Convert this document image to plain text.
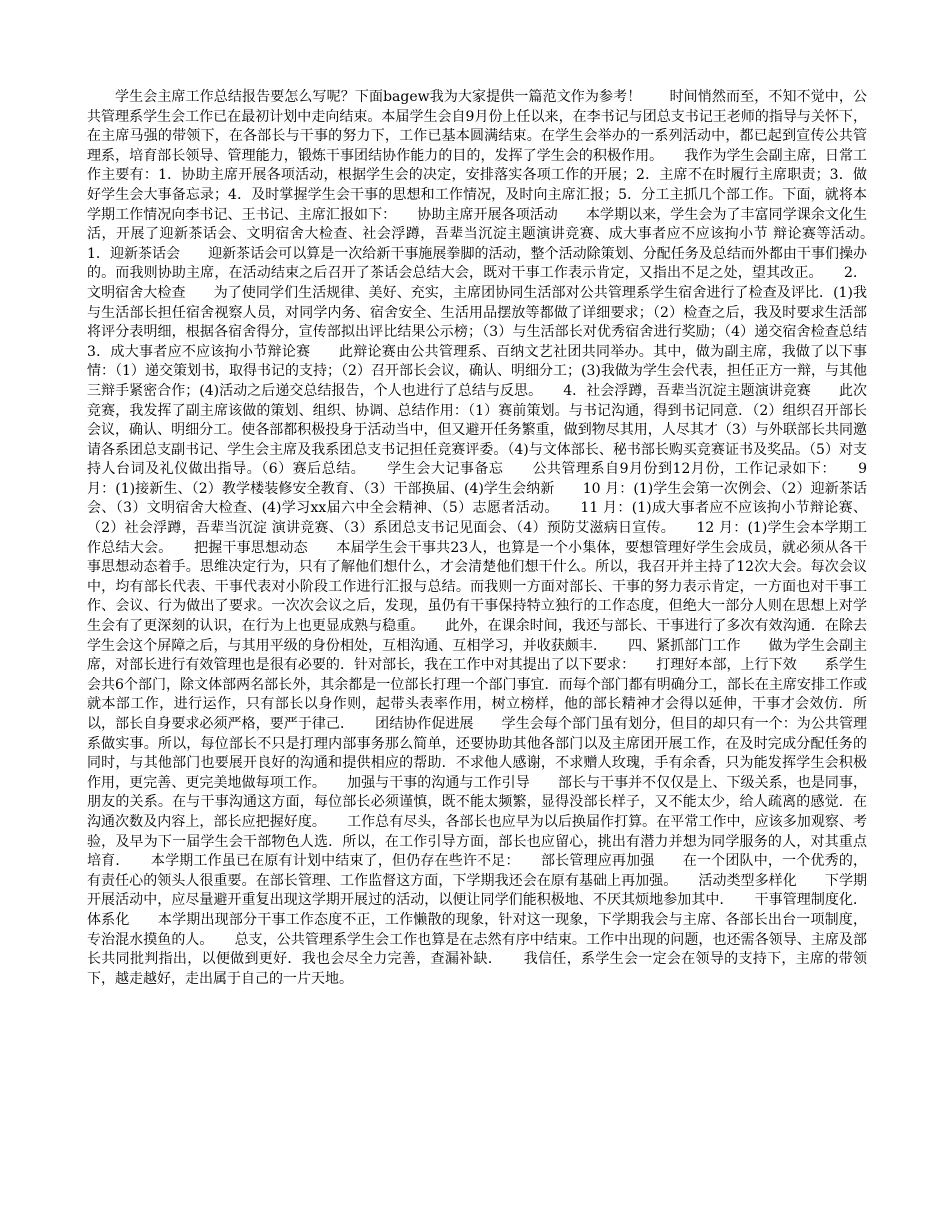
学生会主席工作总结报告要怎么写呢？下面bagew我为大家提供一篇范文作为参考！　　时间悄然而至，不知不觉中，公共管理系学生会工作已在最初计划中走向结束。本届学生会自9月份上任以来，在李书记与团总支书记王老师的指导与关怀下，在主席马强的带领下，在各部长与干事的努力下，工作已基本圆满结束。在学生会举办的一系列活动中，都已起到宣传公共管理系，培育部长领导、管理能力，锻炼干事团结协作能力的目的，发挥了学生会的积极作用。　　我作为学生会副主席，日常工作主要有：1．协助主席开展各项活动，根据学生会的决定，安排落实各项工作的开展；2．主席不在时履行主席职责；3．做好学生会大事备忘录；4．及时掌握学生会干事的思想和工作情况，及时向主席汇报；5．分工主抓几个部工作。下面，就将本学期工作情况向李书记、王书记、主席汇报如下：　　协助主席开展各项活动　　本学期以来，学生会为了丰富同学课余文化生活，开展了迎新茶话会、文明宿舍大检查、社会浮蹲，吾辈当沉淀主题演讲竞赛、成大事者应不应该拘小节 辩论赛等活动。　　1．迎新茶话会　　迎新茶话会可以算是一次给新干事施展拳脚的活动，整个活动除策划、分配任务及总结而外都由干事们操办的。而我则协助主席，在活动结束之后召开了茶话会总结大会，既对干事工作表示肯定，又指出不足之处，望其改正。　　2．文明宿舍大检查　　为了使同学们生活规律、美好、充实，主席团协同生活部对公共管理系学生宿舍进行了检查及评比．(1)我与生活部长担任宿舍视察人员，对同学内务、宿舍安全、生活用品摆放等都做了详细要求；（2）检查之后，我及时要求生活部将评分表明细，根据各宿舍得分，宣传部拟出评比结果公示榜；（3）与生活部长对优秀宿舍进行奖励；（4）递交宿舍检查总结　　3．成大事者应不应该拘小节辩论赛　　此辩论赛由公共管理系、百纳文艺社团共同举办。其中，做为副主席，我做了以下事情：（1）递交策划书，取得书记的支持；（2）召开部长会议，确认、明细分工；(3)我做为学生会代表，担任正方一辩，与其他三辩手紧密合作；(4)活动之后递交总结报告，个人也进行了总结与反思。　　4．社会浮蹲，吾辈当沉淀主题演讲竞赛　　此次竞赛，我发挥了副主席该做的策划、组织、协调、总结作用：（1）赛前策划。与书记沟通，得到书记同意．（2）组织召开部长会议，确认、明细分工。使各部都积极投身于活动当中，但又避开任务繁重，做到物尽其用，人尽其才（3）与外联部长共同邀请各系团总支副书记、学生会主席及我系团总支书记担任竞赛评委。（4)与文体部长、秘书部长购买竞赛证书及奖品。（5）对支持人台词及礼仪做出指导。（6）赛后总结。　　学生会大记事备忘　　公共管理系自9月份到12月份，工作记录如下：　　9 月：(1)接新生、（2）教学楼装修安全教育、（3）干部换届、(4)学生会纳新　　10 月：(1)学生会第一次例会、（2）迎新茶话会、（3）文明宿舍大检查、(4)学习xx届六中全会精神、（5）志愿者活动。　　11 月：(1)成大事者应不应该拘小节辩论赛、（2）社会浮蹲，吾辈当沉淀 演讲竞赛、（3）系团总支书记见面会、（4）预防艾滋病日宣传。　　12 月：(1)学生会本学期工作总结大会。　　把握干事思想动态　　本届学生会干事共23人，也算是一个小集体，要想管理好学生会成员，就必须从各干事思想动态着手。思维决定行为，只有了解他们想什么，才会清楚他们想干什么。所以，我召开并主持了12次大会。每次会议中，均有部长代表、干事代表对小阶段工作进行汇报与总结。而我则一方面对部长、干事的努力表示肯定，一方面也对干事工作、会议、行为做出了要求。一次次会议之后，发现，虽仍有干事保持特立独行的工作态度，但绝大一部分人则在思想上对学生会有了更深刻的认识，在行为上也更显成熟与稳重。　　此外，在课余时间，我还与部长、干事进行了多次有效沟通．在除去学生会这个屏障之后，与其用平级的身份相处，互相沟通、互相学习，并收获颇丰．　　四、紧抓部门工作　　做为学生会副主席，对部长进行有效管理也是很有必要的．针对部长，我在工作中对其提出了以下要求：　　打理好本部，上行下效　　系学生会共6个部门，除文体部两名部长外，其余都是一位部长打理一个部门事宜．而每个部门都有明确分工，部长在主席安排工作或就本部工作，进行运作，只有部长以身作则，起带头表率作用，树立榜样，他的部长精神才会得以延伸，干事才会效仿．所以，部长自身要求必须严格，要严于律己．　　团结协作促进展　　学生会每个部门虽有划分，但目的却只有一个：为公共管理系做实事。所以，每位部长不只是打理内部事务那么简单，还要协助其他各部门以及主席团开展工作，在及时完成分配任务的同时，与其他部门也要展开良好的沟通和提供相应的帮助．不求他人感谢，不求赠人玫瑰，手有余香，只为能发挥学生会积极作用，更完善、更完美地做每项工作。　　加强与干事的沟通与工作引导　　部长与干事并不仅仅是上、下级关系，也是同事，朋友的关系。在与干事沟通这方面，每位部长必须谨慎，既不能太频繁，显得没部长样子，又不能太少，给人疏离的感觉．在沟通次数及内容上，部长应把握好度。　　工作总有尽头，各部长也应早为以后换届作打算。在平常工作中，应该多加观察、考验，及早为下一届学生会干部物色人选．所以，在工作引导方面，部长也应留心，挑出有潜力并想为同学服务的人，对其重点培育．　　本学期工作虽已在原有计划中结束了，但仍存在些许不足：　　部长管理应再加强　　在一个团队中，一个优秀的，有责任心的领头人很重要。在部长管理、工作监督这方面，下学期我还会在原有基础上再加强。　　活动类型多样化　　下学期开展活动中，应尽量避开重复出现这学期开展过的活动，以便让同学们能积极地、不厌其烦地参加其中．　　干事管理制度化．体系化　　本学期出现部分干事工作态度不正，工作懒散的现象，针对这一现象，下学期我会与主席、各部长出台一项制度，专治混水摸鱼的人。　　总支，公共管理系学生会工作也算是在忐然有序中结束。工作中出现的问题，也还需各领导、主席及部长共同批判指出，以便做到更好．我也会尽全力完善，查漏补缺．　　我信任，系学生会一定会在领导的支持下，主席的带领下，越走越好，走出属于自己的一片天地。
